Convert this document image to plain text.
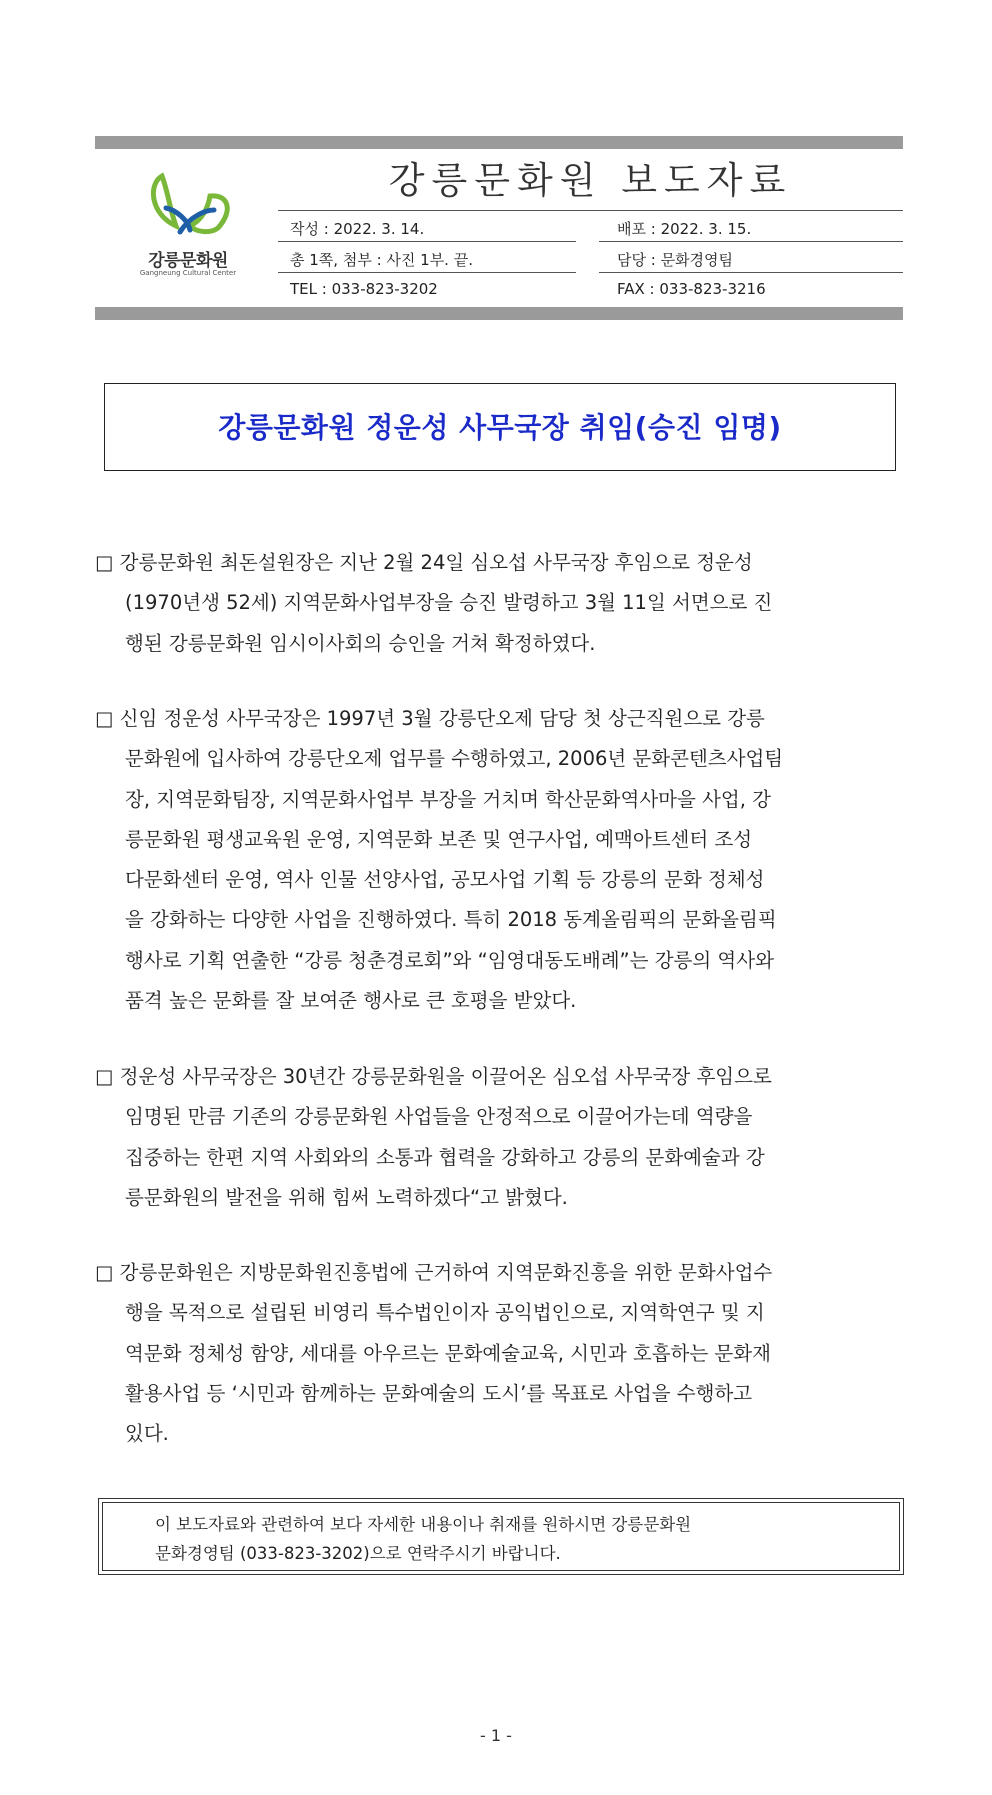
강릉문화원
Gangneung Cultural Center
강릉문화원 보도자료
작성 : 2022. 3. 14.	배포 : 2022. 3. 15.
총 1쪽, 첨부 : 사진 1부. 끝.	담당 : 문화경영팀
TEL : 033-823-3202	FAX : 033-823-3216
강릉문화원 정운성 사무국장 취임(승진 임명)
□ 강릉문화원 최돈설원장은 지난 2월 24일 심오섭 사무국장 후임으로 정운성
(1970년생 52세) 지역문화사업부장을 승진 발령하고 3월 11일 서면으로 진
행된 강릉문화원 임시이사회의 승인을 거쳐 확정하였다.
□ 신임 정운성 사무국장은 1997년 3월 강릉단오제 담당 첫 상근직원으로 강릉
문화원에 입사하여 강릉단오제 업무를 수행하였고, 2006년 문화콘텐츠사업팀
장, 지역문화팀장, 지역문화사업부 부장을 거치며 학산문화역사마을 사업, 강
릉문화원 평생교육원 운영, 지역문화 보존 및 연구사업, 예맥아트센터 조성
다문화센터 운영, 역사 인물 선양사업, 공모사업 기획 등 강릉의 문화 정체성
을 강화하는 다양한 사업을 진행하였다. 특히 2018 동계올림픽의 문화올림픽
행사로 기획 연출한 “강릉 청춘경로회”와 “임영대동도배례”는 강릉의 역사와
품격 높은 문화를 잘 보여준 행사로 큰 호평을 받았다.
□ 정운성 사무국장은 30년간 강릉문화원을 이끌어온 심오섭 사무국장 후임으로
임명된 만큼 기존의 강릉문화원 사업들을 안정적으로 이끌어가는데 역량을
집중하는 한편 지역 사회와의 소통과 협력을 강화하고 강릉의 문화예술과 강
릉문화원의 발전을 위해 힘써 노력하겠다“고 밝혔다.
□ 강릉문화원은 지방문화원진흥법에 근거하여 지역문화진흥을 위한 문화사업수
행을 목적으로 설립된 비영리 특수법인이자 공익법인으로, 지역학연구 및 지
역문화 정체성 함양, 세대를 아우르는 문화예술교육, 시민과 호흡하는 문화재
활용사업 등 ‘시민과 함께하는 문화예술의 도시’를 목표로 사업을 수행하고
있다.
이 보도자료와 관련하여 보다 자세한 내용이나 취재를 원하시면 강릉문화원
문화경영팀 (033-823-3202)으로 연락주시기 바랍니다.
- 1 -
